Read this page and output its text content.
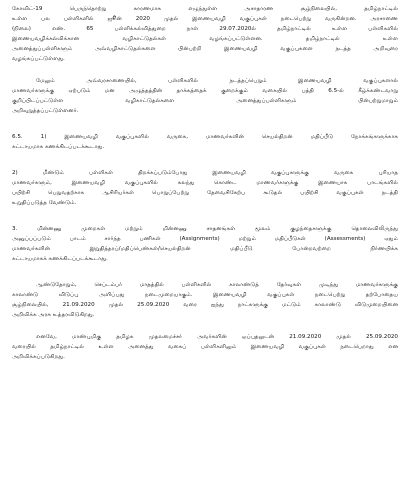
கோவிட்-19 பெருந்தொற்று காரணமாக எழுந்துள்ள அசாதாரண சூழ்நிலையில், தமிழ்நாட்டில்
உள்ள பல பள்ளிகளில் ஜூன் 2020 முதல் இணையவழி வகுப்புகள் நடைபெற்று வருகின்றன. அரசாணை
(நிலை) எண். 65 பள்ளிக்கல்வித்துறை நாள் 29.07.2020ல் தமிழ்நாட்டில் உள்ள பள்ளிகளில்
இணையவழிக்கல்விக்கான வழிகாட்டுதல்கள் வழங்கப்பட்டுள்ளன. தமிழ்நாட்டில் உள்ள
அனைத்துப்பள்ளிகளும் அவ்வழிகாட்டுதல்களை பின்பற்றி இணையவழி வகுப்புகளை நடத்த அறிவுரை
வழங்கப்பட்டுள்ளது.
மேலும் அவ்வரசாணையில், பள்ளிகளில் நடத்தப்பெறும் இணையவழி வகுப்புகளால்
மாணவர்களுக்கு ஏற்படும் மன அழுத்தத்தின் தாக்கத்தைக் குறைக்கும் வகையில் பத்தி 6.5-ல் கீழ்க்கண்டவாறு
குறிப்பிடப்பட்டுள்ள வழிகாட்டுதல்களை அனைத்துப்பள்ளிகளும் பின்பற்றுமாறும்
அறிவுறுத்தப்பட்டுள்ளனர்.
6.5. 1) இணையவழி வகுப்புகளில் வருகை, மாணவர்களின் செயல்திறன் மதிப்பீடு நோக்கங்களுக்காக
கட்டாயமாக கணக்கிடப்படக்கூடாது.
2) மீண்டும் பள்ளிகள் திறக்கப்படும்போது இணையவழி வகுப்புகளுக்கு வருகை புரியாத
மாணவர்களும், இணையவழி வகுப்புகளில் கலந்து கொண்ட மாணவர்களுக்கு இணையாக பாடங்களில்
பயிற்சி பெறுவதற்காக ஆசிரியர்கள் பொறுப்பேற்று தேவைசிகேற்ப கூடுதல் பயிற்சி வகுப்புகள் நடத்தி
உறுதிப்படுத்த வேண்டும்.
3. மின்னணு முறைகள் மற்றும் மின்னணு சாதனங்கள் மூலம் குழந்தைகளுக்கு தொலைவிலிருந்து
அனுப்பப்படும் பாடம் சார்ந்த பணிகள் (Assignments) மற்றும் மதிப்பீடுகள் (Assessments) ஏதும்
மாணவர்களின் இறுதித்தரப்/மதிப்பெண்கள்/செயல்திறன் மதிப்பீடு போன்றவற்றை நிர்ணயிக்க
கட்டாயமாகக் கணக்கிடப்படக்கூடாது.
ஆண்டுதோறும், செப்டம்பர் மாதத்தில் பள்ளிகளில் காலாண்டுத் தேர்வுகள் முடிந்து மாணவர்களுக்கு
காலாண்டு விடுப்பு அளிப்பது நடைமுறையாகும். இணையவழி வகுப்புகள் நடைபெற்று தற்போதைய
சூழ்நிலையில், 21.09.2020 முதல் 25.09.2020 வரை ஐந்து நாட்களுக்கு மட்டும் காலாண்டு விடுமுறையினை
அறிவிக்க அரசு உத்தரவிடுகிறது.
எனவே, மாண்புமிகு தமிழக முதலமைச்சர் அவர்களின் ஒப்புதலுடன் 21.09.2020 முதல் 25.09.2020
வரையில் தமிழ்நாட்டில் உள்ள அனைத்து வகைப் பள்ளிகளிலும் இணையவழி வகுப்புகள் நடைபெறாது என
அறிவிக்கப்படுகிறது.
